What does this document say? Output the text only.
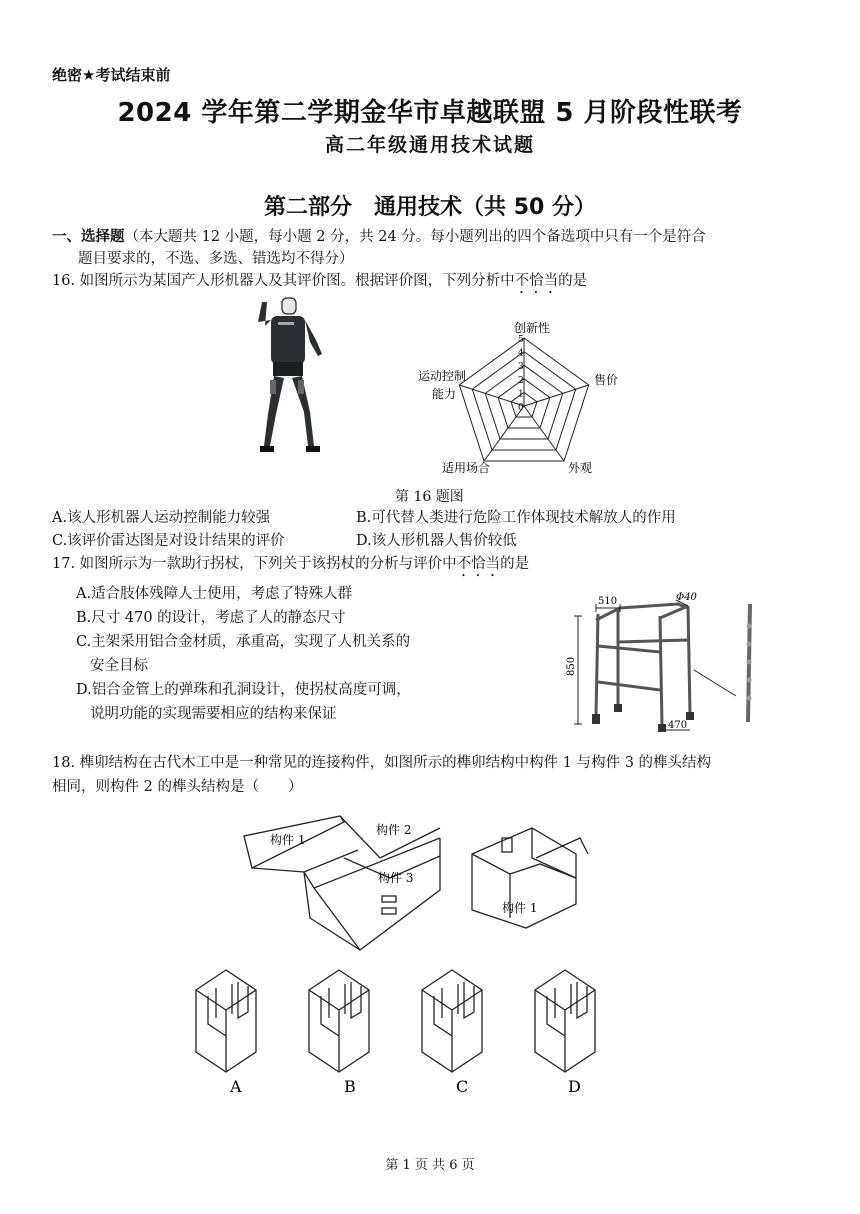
绝密★考试结束前
2024 学年第二学期金华市卓越联盟 5 月阶段性联考
高二年级通用技术试题
第二部分　通用技术（共 50 分）
一、选择题（本大题共 12 小题，每小题 2 分，共 24 分。每小题列出的四个备选项中只有一个是符合
题目要求的，不选、多选、错选均不得分）
16. 如图所示为某国产人形机器人及其评价图。根据评价图，下列分析中不恰当的是
创新性
售价
外观
适用场合
运动控制
能力
5
4
3
2
1
0
第 16 题图
A.该人形机器人运动控制能力较强	B.可代替人类进行危险工作体现技术解放人的作用
C.该评价雷达图是对设计结果的评价	D.该人形机器人售价较低
17. 如图所示为一款助行拐杖，下列关于该拐杖的分析与评价中不恰当的是
A.适合肢体残障人士使用，考虑了特殊人群
B.尺寸 470 的设计，考虑了人的静态尺寸
C.主架采用铝合金材质，承重高，实现了人机关系的
安全目标
D.铝合金管上的弹珠和孔洞设计，使拐杖高度可调，
说明功能的实现需要相应的结构来保证
510	Φ40
850
470
18. 榫卯结构在古代木工中是一种常见的连接构件，如图所示的榫卯结构中构件 1 与构件 3 的榫头结构
相同，则构件 2 的榫头结构是（　　）
构件 1
构件 2
构件 3
构件 1
A	B	C	D
第 1 页 共 6 页
